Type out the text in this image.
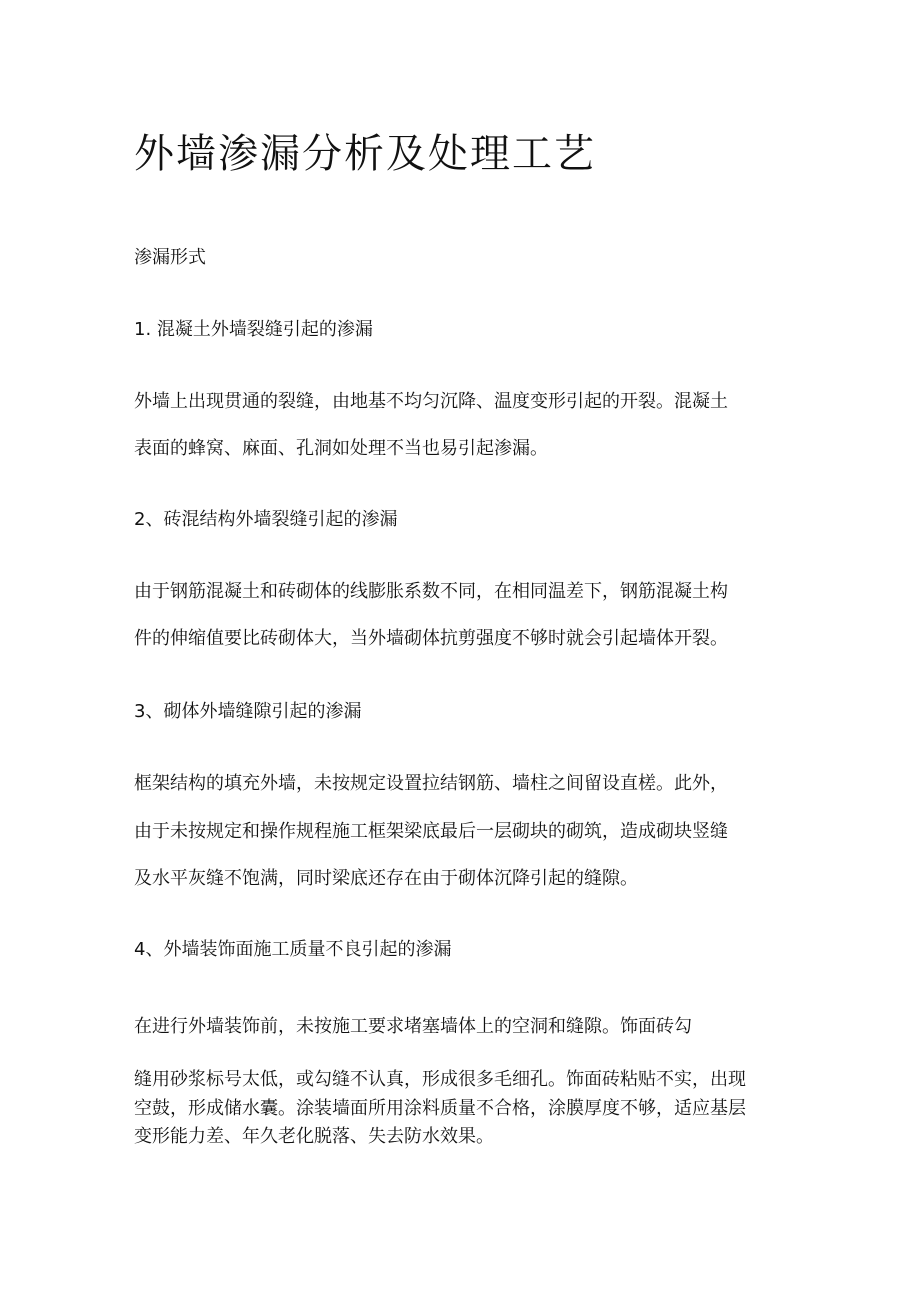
外墙渗漏分析及处理工艺

渗漏形式

1. 混凝土外墙裂缝引起的渗漏

外墙上出现贯通的裂缝，由地基不均匀沉降、温度变形引起的开裂。混凝土

表面的蜂窝、麻面、孔洞如处理不当也易引起渗漏。

2、砖混结构外墙裂缝引起的渗漏

由于钢筋混凝土和砖砌体的线膨胀系数不同，在相同温差下，钢筋混凝土构

件的伸缩值要比砖砌体大，当外墙砌体抗剪强度不够时就会引起墙体开裂。

3、砌体外墙缝隙引起的渗漏

框架结构的填充外墙，未按规定设置拉结钢筋、墙柱之间留设直槎。此外，

由于未按规定和操作规程施工框架梁底最后一层砌块的砌筑，造成砌块竖缝

及水平灰缝不饱满，同时梁底还存在由于砌体沉降引起的缝隙。

4、外墙装饰面施工质量不良引起的渗漏

在进行外墙装饰前，未按施工要求堵塞墙体上的空洞和缝隙。饰面砖勾

缝用砂浆标号太低，或勾缝不认真，形成很多毛细孔。饰面砖粘贴不实，出现

空鼓，形成储水囊。涂装墙面所用涂料质量不合格，涂膜厚度不够，适应基层

变形能力差、年久老化脱落、失去防水效果。
